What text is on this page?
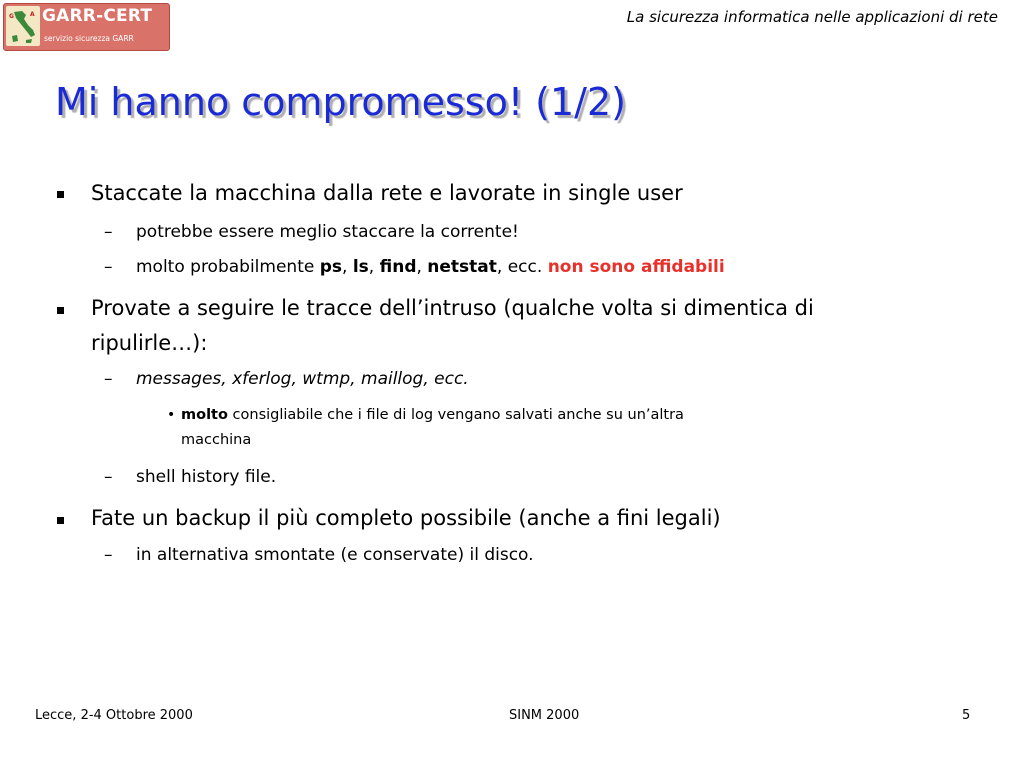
G	A GARR-CERT
servizio sicurezza GARR
La sicurezza informatica nelle applicazioni di rete
Mi hanno compromesso! (1/2)
Staccate la macchina dalla rete e lavorate in single user
– potrebbe essere meglio staccare la corrente!
– molto probabilmente ps, ls, find, netstat, ecc. non sono affidabili
Provate a seguire le tracce dell’intruso (qualche volta si dimentica di
ripulirle…):
– messages, xferlog, wtmp, maillog, ecc.
• molto consigliabile che i file di log vengano salvati anche su un’altra
macchina
– shell history file.
Fate un backup il più completo possibile (anche a fini legali)
– in alternativa smontate (e conservate) il disco.
Lecce, 2-4 Ottobre 2000	SINM 2000	5
